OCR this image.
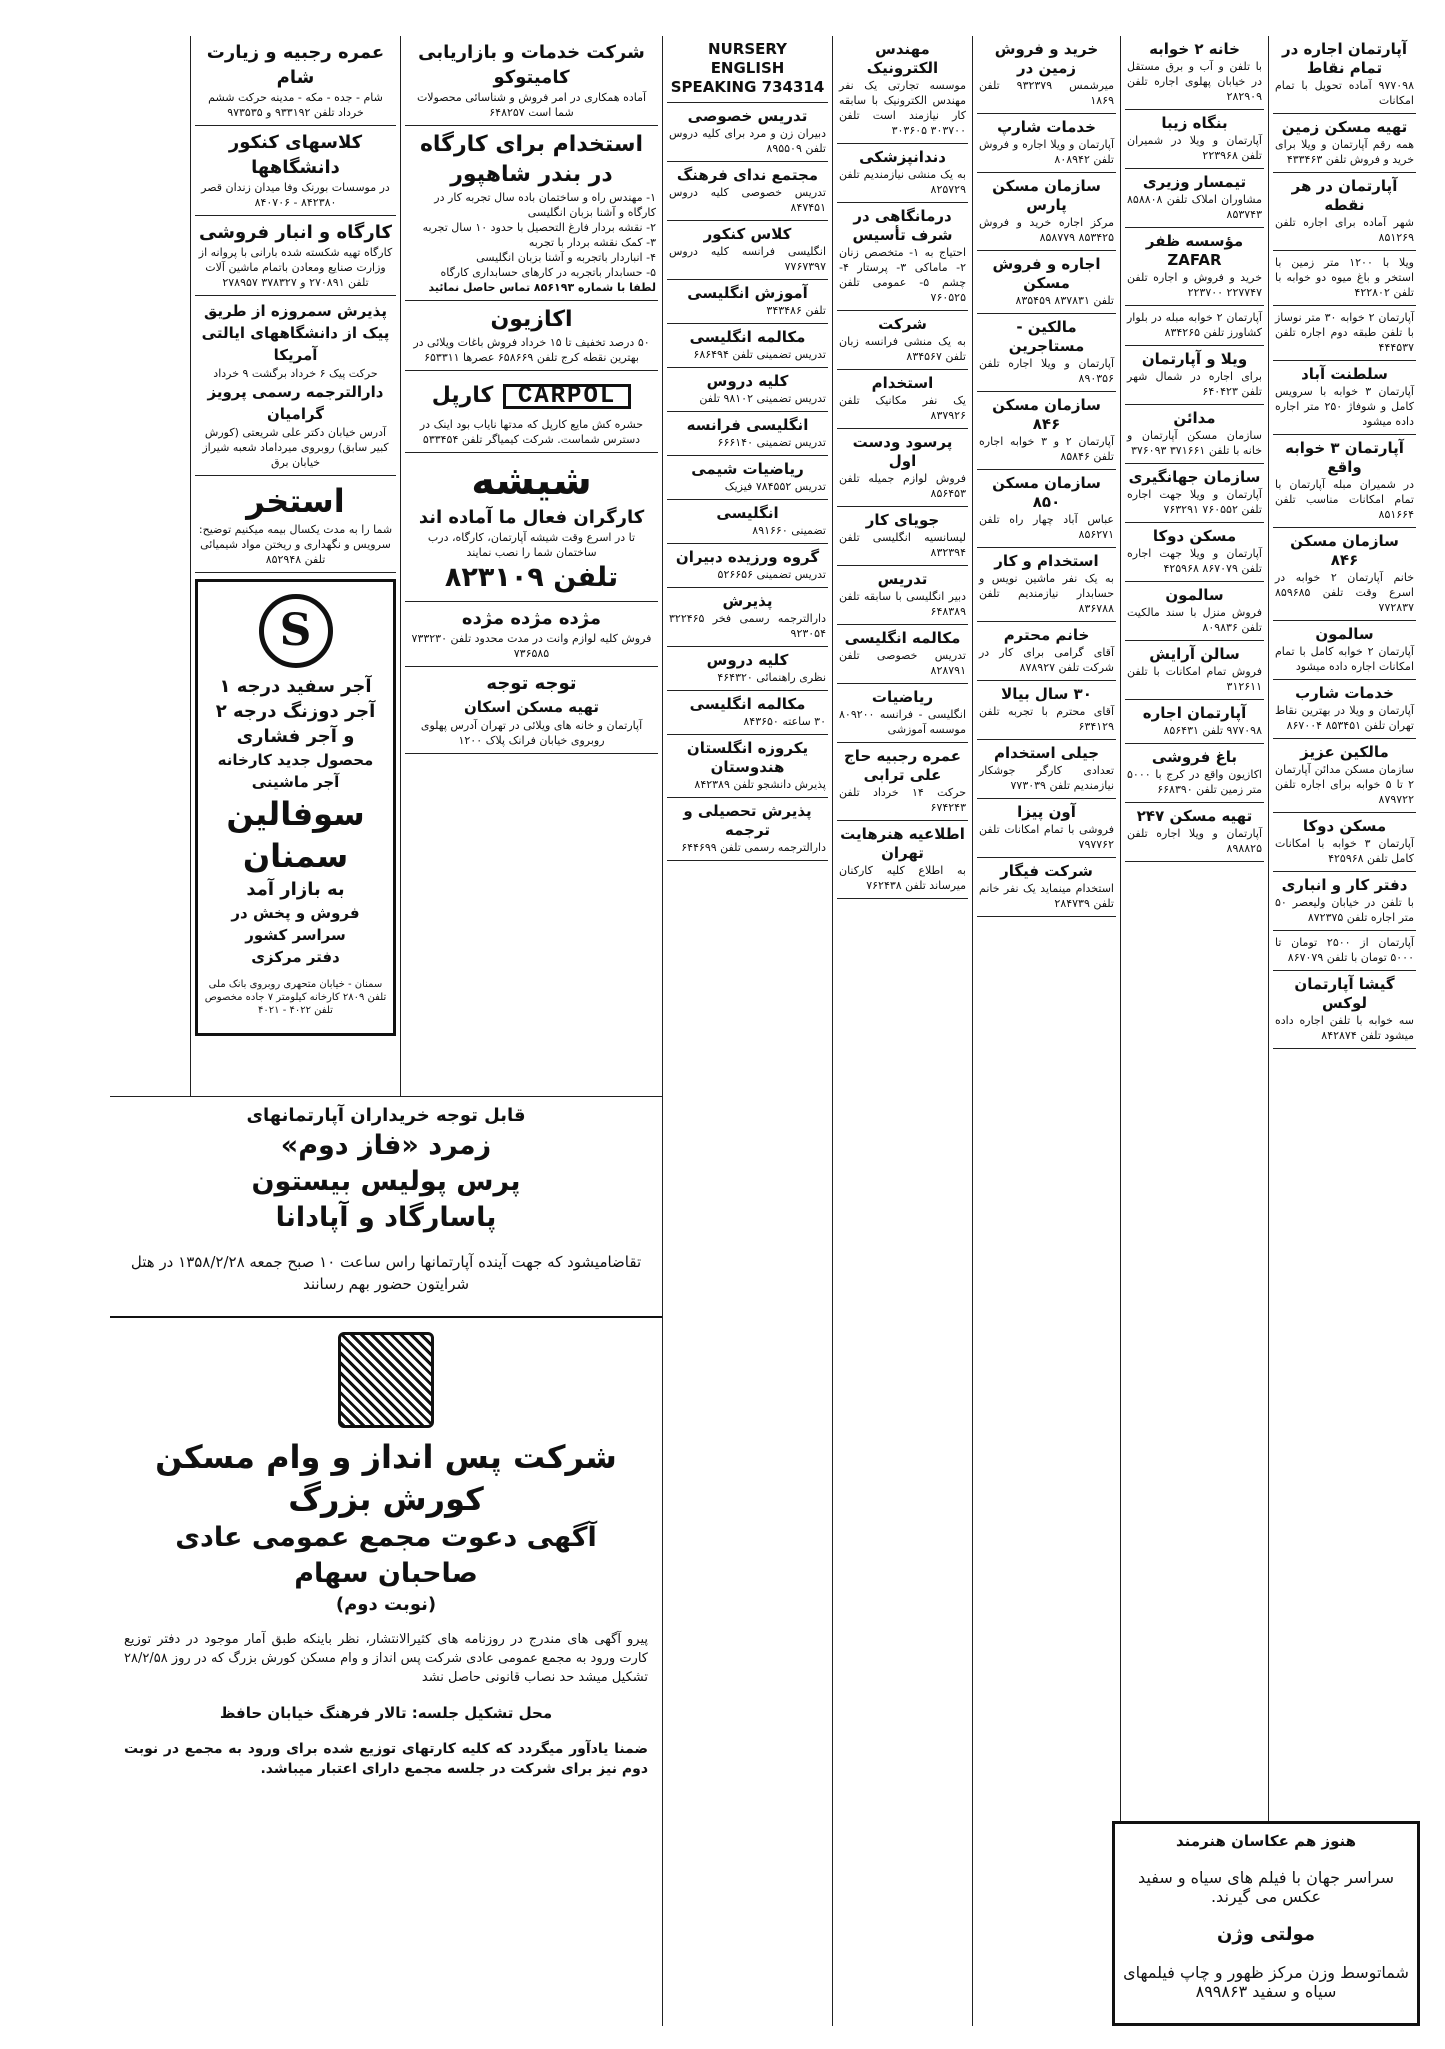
آپارتمان اجاره در تمام نقاط

۹۷۷۰۹۸ آماده تحویل با تمام امکانات

تهیه مسکن زمین

همه رقم آپارتمان و ویلا برای خرید و فروش تلفن ۴۳۳۴۶۳

آپارتمان در هر نقطه

شهر آماده برای اجاره تلفن ۸۵۱۲۶۹

ویلا با ۱۲۰۰ متر زمین با استخر و باغ میوه دو خوابه با تلفن ۴۲۲۸۰۲

آپارتمان ۲ خوابه ۳۰ متر نوساز با تلفن طبقه دوم اجاره تلفن ۴۴۴۵۳۷

سلطنت آباد

آپارتمان ۳ خوابه با سرویس کامل و شوفاژ ۲۵۰ متر اجاره داده میشود

آپارتمان ۳ خوابه واقع

در شمیران مبله آپارتمان با تمام امکانات مناسب تلفن ۸۵۱۶۶۴

سازمان مسکن ۸۴۶

خانم آپارتمان ۲ خوابه در اسرع وقت تلفن ۸۵۹۶۸۵ ۷۷۲۸۳۷

سالمون

آپارتمان ۲ خوابه کامل با تمام امکانات اجاره داده میشود

خدمات شارب

آپارتمان و ویلا در بهترین نقاط تهران تلفن ۸۵۳۴۵۱ ۸۶۷۰۰۴

مالکین عزیز

سازمان مسکن مدائن آپارتمان ۲ تا ۵ خوابه برای اجاره تلفن ۸۷۹۷۲۲

مسکن دوکا

آپارتمان ۳ خوابه با امکانات کامل تلفن ۴۲۵۹۶۸

دفتر کار و انباری

با تلفن در خیابان ولیعصر ۵۰ متر اجاره تلفن ۸۷۲۳۷۵

آپارتمان از ۲۵۰۰ تومان تا ۵۰۰۰ تومان با تلفن ۸۶۷۰۷۹

گیشا آپارتمان لوکس

سه خوابه با تلفن اجاره داده میشود تلفن ۸۴۲۸۷۴

خانه ۲ خوابه

با تلفن و آب و برق مستقل در خیابان پهلوی اجاره تلفن ۲۸۲۹۰۹

بنگاه زیبا

آپارتمان و ویلا در شمیران تلفن ۲۲۳۹۶۸

تیمسار وزیری

مشاوران املاک تلفن ۸۵۸۸۰۸ ۸۵۳۷۴۳

مؤسسه ظفر ZAFAR

خرید و فروش و اجاره تلفن ۲۲۷۷۴۷ ۲۲۳۷۰۰

آپارتمان ۲ خوابه مبله در بلوار کشاورز تلفن ۸۳۴۲۶۵

ویلا و آپارتمان

برای اجاره در شمال شهر تلفن ۶۴۰۴۲۳

مدائن

سازمان مسکن آپارتمان و خانه با تلفن ۳۷۱۶۶۱ ۳۷۶۰۹۳

سازمان جهانگیری

آپارتمان و ویلا جهت اجاره تلفن ۷۶۰۵۵۲ ۷۶۳۲۹۱

مسکن دوکا

آپارتمان و ویلا جهت اجاره تلفن ۸۶۷۰۷۹ ۴۲۵۹۶۸

سالمون

فروش منزل با سند مالکیت تلفن ۸۰۹۸۳۶

سالن آرایش

فروش تمام امکانات با تلفن ۳۱۲۶۱۱

آپارتمان اجاره

۹۷۷۰۹۸ تلفن ۸۵۶۴۳۱

باغ فروشی

اکازیون واقع در کرج با ۵۰۰۰ متر زمین تلفن ۶۶۸۳۹۰

تهیه مسکن ۲۴۷

آپارتمان و ویلا اجاره تلفن ۸۹۸۸۲۵

خرید و فروش زمین در

میرشمس ۹۳۲۳۷۹ تلفن ۱۸۶۹

خدمات شارپ

آپارتمان و ویلا اجاره و فروش تلفن ۸۰۸۹۴۲

سازمان مسکن پارس

مرکز اجاره خرید و فروش ۸۵۳۴۲۵ ۸۵۸۷۷۹

اجاره و فروش مسکن

تلفن ۸۳۷۸۳۱ ۸۳۵۴۵۹

مالکین - مستاجرین

آپارتمان و ویلا اجاره تلفن ۸۹۰۳۵۶

سازمان مسکن ۸۴۶

آپارتمان ۲ و ۳ خوابه اجاره تلفن ۸۵۸۴۶

سازمان مسکن ۸۵۰

عباس آباد چهار راه تلفن ۸۵۶۲۷۱

استخدام و کار

به یک نفر ماشین نویس و حسابدار نیازمندیم تلفن ۸۳۶۷۸۸

خانم محترم

آقای گرامی برای کار در شرکت تلفن ۸۷۸۹۲۷

۳۰ سال بیالا

آقای محترم با تجربه تلفن ۶۳۴۱۲۹

جیلی استخدام

تعدادی کارگر جوشکار نیازمندیم تلفن ۷۷۳۰۳۹

آون پیزا

فروشی با تمام امکانات تلفن ۷۹۷۷۶۲

شرکت فیگار

استخدام مینماید یک نفر خانم تلفن ۲۸۴۷۳۹

مهندس الکترونیک

موسسه تجارتی یک نفر مهندس الکترونیک با سابقه کار نیازمند است تلفن ۳۰۳۷۰۰ ۳۰۳۶۰۵

دندانپزشکی

به یک منشی نیازمندیم تلفن ۸۲۵۷۲۹

درمانگاهی در شرف تأسیس

احتیاج به ۱- متخصص زنان ۲- ماماکی ۳- پرستار ۴- چشم ۵- عمومی تلفن ۷۶۰۵۲۵

شرکت

به یک منشی فرانسه زبان تلفن ۸۳۴۵۶۷

استخدام

یک نفر مکانیک تلفن ۸۳۷۹۲۶

پرسود ودست اول

فروش لوازم جمیله تلفن ۸۵۶۴۵۳

جویای کار

لیسانسیه انگلیسی تلفن ۸۳۲۳۹۴

تدریس

دبیر انگلیسی با سابقه تلفن ۶۴۸۳۸۹

مکالمه انگلیسی

تدریس خصوصی تلفن ۸۲۸۷۹۱

ریاضیات

انگلیسی - فرانسه ۸۰۹۲۰۰ موسسه آموزشی

عمره رجبیه حاج علی ترابی

حرکت ۱۴ خرداد تلفن ۶۷۴۲۴۳

اطلاعیه هنرهایت تهران

به اطلاع کلیه کارکنان میرساند تلفن ۷۶۲۴۳۸

NURSERY ENGLISH SPEAKING 734314
تدریس خصوصی

دبیران زن و مرد برای کلیه دروس تلفن ۸۹۵۵۰۹

مجتمع ندای فرهنگ

تدریس خصوصی کلیه دروس ۸۴۷۴۵۱

کلاس کنکور

انگلیسی فرانسه کلیه دروس ۷۷۶۷۳۹۷

آموزش انگلیسی

تلفن ۳۴۳۴۸۶

مکالمه انگلیسی

تدریس تضمینی تلفن ۶۸۶۴۹۴

کلیه دروس

تدریس تضمینی ۹۸۱۰۲ تلفن

انگلیسی فرانسه

تدریس تضمینی ۶۶۶۱۴۰

ریاضیات شیمی

تدریس ۷۸۴۵۵۲ فیزیک

انگلیسی

تضمینی ۸۹۱۶۶۰

گروه ورزیده دبیران

تدریس تضمینی ۵۲۶۶۵۶

پذیرش

دارالترجمه رسمی فخر ۳۲۲۴۶۵ ۹۲۳۰۵۴

کلیه دروس

نظری راهنمائی ۴۶۴۳۲۰

مکالمه انگلیسی

۳۰ ساعته ۸۴۳۶۵۰

یکروزه انگلستان هندوستان

پذیرش دانشجو تلفن ۸۴۲۳۸۹

پذیرش تحصیلی و ترجمه

دارالترجمه رسمی تلفن ۶۴۴۶۹۹

شرکت خدمات و بازاریابی کامیتوکو

آماده همکاری در امر فروش و شناسائی محصولات شما است ۶۴۸۲۵۷

استخدام برای کارگاه در بندر شاهپور

۱- مهندس راه و ساختمان باده سال تجربه کار در کارگاه و آشنا بزبان انگلیسی

۲- نقشه بردار فارغ التحصیل با حدود ۱۰ سال تجربه

۳- کمک نقشه بردار با تجربه

۴- انباردار باتجربه و آشنا بزبان انگلیسی

۵- حسابدار باتجربه در کارهای حسابداری کارگاه

لطفا با شماره ۸۵۶۱۹۳ تماس حاصل نمائید

اکازیون

۵۰ درصد تخفیف تا ۱۵ خرداد فروش باغات ویلائی در بهترین نقطه کرج تلفن ۶۵۸۶۶۹ عصرها ۶۵۳۳۱۱

CARPOL کارپل

حشره کش مایع کارپل که مدتها نایاب بود اینک در دسترس شماست. شرکت کیمیاگر تلفن ۵۳۳۴۵۴

شیشه
کارگران فعال ما آماده اند

تا در اسرع وقت شیشه آپارتمان، کارگاه، درب ساختمان شما را نصب نمایند

تلفن ۸۲۳۱۰۹
مژده مژده مژده

فروش کلیه لوازم وانت در مدت محدود تلفن ۷۳۳۲۳۰ ۷۳۶۵۸۵

توجه توجه
تهیه مسکن اسکان

آپارتمان و خانه های ویلائی در تهران آدرس پهلوی روبروی خیابان فرانک پلاک ۱۲۰۰

عمره رجبیه و زیارت شام

شام - جده - مکه - مدینه حرکت ششم خرداد تلفن ۹۳۳۱۹۲ و ۹۷۳۵۳۵

کلاسهای کنکور دانشگاهها

در موسسات بورنک وفا میدان زندان قصر ۸۴۲۳۸۰ - ۸۴۰۷۰۶

کارگاه و انبار فروشی

کارگاه تهیه شکسته شده بارانی با پروانه از وزارت صنایع ومعادن باتمام ماشین آلات تلفن ۲۷۰۸۹۱ و ۳۷۸۳۲۷ ۲۷۸۹۵۷

پذیرش سمروزه از طریق پیک از دانشگاههای ایالتی آمریکا

حرکت پیک ۶ خرداد برگشت ۹ خرداد

دارالترجمه رسمی پرویز گرامیان

آدرس خیابان دکتر علی شریعتی (کورش کبیر سابق) روبروی میرداماد شعبه شیراز خیابان برق

استخر

شما را به مدت یکسال بیمه میکنیم توضیح: سرویس و نگهداری و ریختن مواد شیمیائی تلفن ۸۵۲۹۴۸

S
آجر سفید درجه ۱
آجر دوزنگ درجه ۲
و آجر فشاری
محصول جدید کارخانه آجر ماشینی
سوفالین سمنان
به بازار آمد
فروش و پخش در سراسر کشور
دفتر مرکزی

سمنان - خیابان متحهری روبروی بانک ملی تلفن ۲۸۰۹ کارخانه کیلومتر ۷ جاده مخصوص تلفن ۴۰۲۲ - ۴۰۲۱

قابل توجه خریداران آپارتمانهای
زمرد «فاز دوم»
پرس پولیس بیستون
پاسارگاد و آپادانا

تقاضامیشود که جهت آینده آپارتمانها راس ساعت ۱۰ صبح جمعه ۱۳۵۸/۲/۲۸ در هتل شرایتون حضور بهم رسانند

شرکت پس انداز و وام مسکن
کورش بزرگ
آگهی دعوت مجمع عمومی عادی
صاحبان سهام
(نوبت دوم)

پیرو آگهی های مندرج در روزنامه های کثیرالانتشار، نظر باینکه طبق آمار موجود در دفتر توزیع کارت ورود به مجمع عمومی عادی شرکت پس انداز و وام مسکن کورش بزرگ که در روز ۲۸/۲/۵۸ تشکیل میشد حد نصاب قانونی حاصل نشد

محل تشکیل جلسه: تالار فرهنگ خیابان حافظ

ضمنا یادآور میگردد که کلیه کارتهای توزیع شده برای ورود به مجمع در نوبت دوم نیز برای شرکت در جلسه مجمع دارای اعتبار میباشد.

هنوز هم عکاسان هنرمند

سراسر جهان با فیلم های سیاه و سفید عکس می گیرند.

مولتی وژن

شماتوسط وزن مرکز ظهور و چاپ فیلمهای سیاه و سفید ۸۹۹۸۶۳
